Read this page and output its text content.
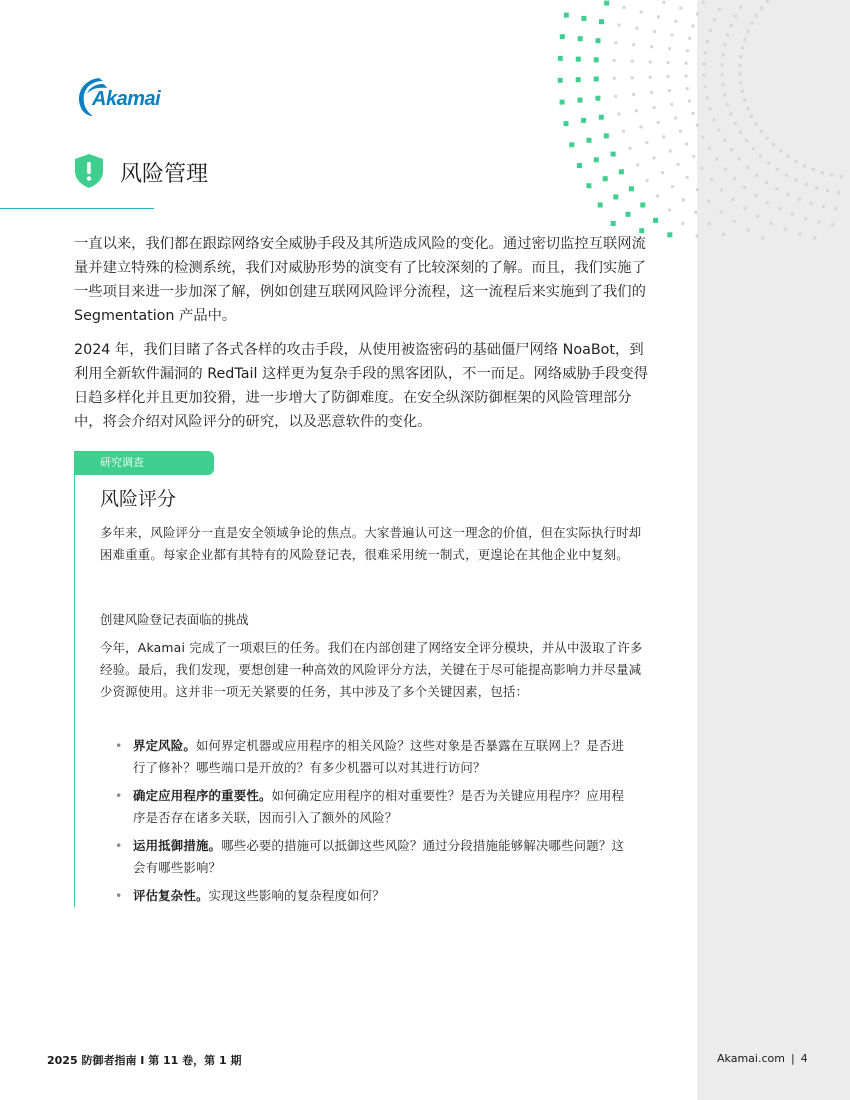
Akamai
风险管理

一直以来，我们都在跟踪网络安全威胁手段及其所造成风险的变化。通过密切监控互联网流量并建立特殊的检测系统，我们对威胁形势的演变有了比较深刻的了解。而且，我们实施了一些项目来进一步加深了解，例如创建互联网风险评分流程，这一流程后来实施到了我们的 Segmentation 产品中。

2024 年，我们目睹了各式各样的攻击手段，从使用被盗密码的基础僵尸网络 NoaBot，到利用全新软件漏洞的 RedTail 这样更为复杂手段的黑客团队，不一而足。网络威胁手段变得日趋多样化并且更加狡猾，进一步增大了防御难度。在安全纵深防御框架的风险管理部分中，将会介绍对风险评分的研究，以及恶意软件的变化。

研究调查
风险评分

多年来，风险评分一直是安全领域争论的焦点。大家普遍认可这一理念的价值，但在实际执行时却困难重重。每家企业都有其特有的风险登记表，很难采用统一制式，更遑论在其他企业中复刻。

创建风险登记表面临的挑战

今年，Akamai 完成了一项艰巨的任务。我们在内部创建了网络安全评分模块，并从中汲取了许多经验。最后，我们发现，要想创建一种高效的风险评分方法，关键在于尽可能提高影响力并尽量减少资源使用。这并非一项无关紧要的任务，其中涉及了多个关键因素，包括：

• 界定风险。如何界定机器或应用程序的相关风险？这些对象是否暴露在互联网上？是否进行了修补？哪些端口是开放的？有多少机器可以对其进行访问？
• 确定应用程序的重要性。如何确定应用程序的相对重要性？是否为关键应用程序？应用程序是否存在诸多关联，因而引入了额外的风险？
• 运用抵御措施。哪些必要的措施可以抵御这些风险？通过分段措施能够解决哪些问题？这会有哪些影响？
• 评估复杂性。实现这些影响的复杂程度如何？
2025 防御者指南 I 第 11 卷，第 1 期	Akamai.com | 4
